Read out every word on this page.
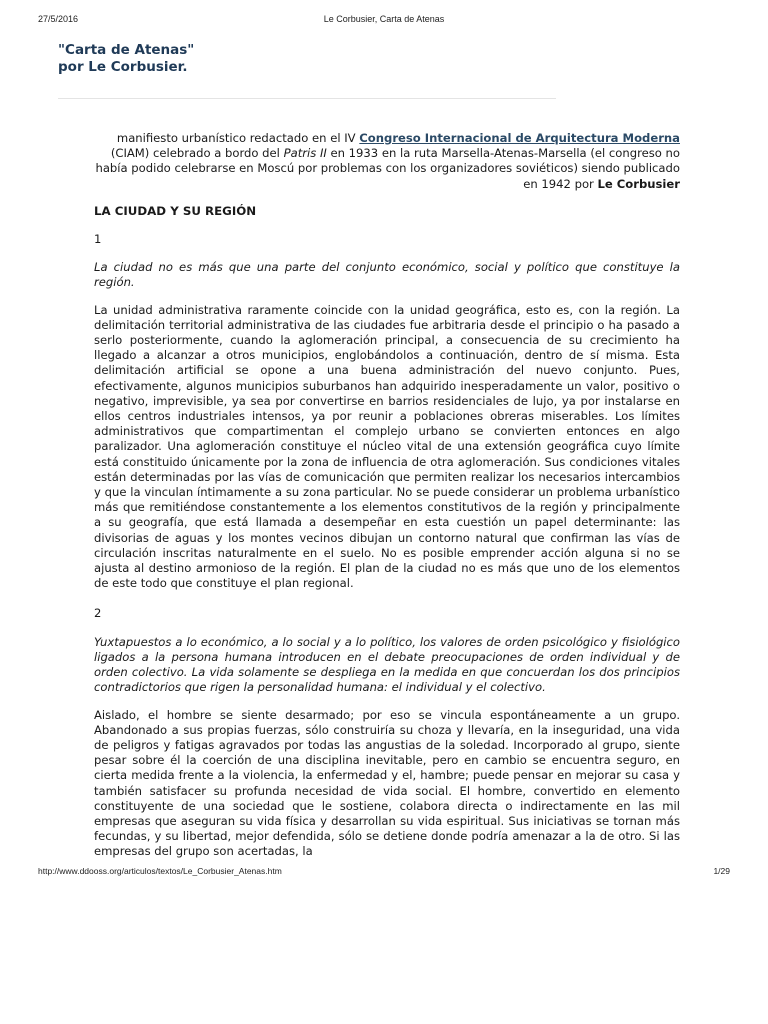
27/5/2016	Le Corbusier, Carta de Atenas
"Carta de Atenas"
por Le Corbusier.

manifiesto urbanístico redactado en el IV Congreso Internacional de Arquitectura Moderna (CIAM) celebrado a bordo del Patris II en 1933 en la ruta Marsella-Atenas-Marsella (el congreso no había podido celebrarse en Moscú por problemas con los organizadores soviéticos) siendo publicado en 1942 por Le Corbusier

LA CIUDAD Y SU REGIÓN
1

La ciudad no es más que una parte del conjunto económico, social y político que constituye la región.

La unidad administrativa raramente coincide con la unidad geográfica, esto es, con la región. La delimitación territorial administrativa de las ciudades fue arbitraria desde el principio o ha pasado a serlo posteriormente, cuando la aglomeración principal, a consecuencia de su crecimiento ha llegado a alcanzar a otros municipios, englobándolos a continuación, dentro de sí misma. Esta delimitación artificial se opone a una buena administración del nuevo conjunto. Pues, efectivamente, algunos municipios suburbanos han adquirido inesperadamente un valor, positivo o negativo, imprevisible, ya sea por convertirse en barrios residenciales de lujo, ya por instalarse en ellos centros industriales intensos, ya por reunir a poblaciones obreras miserables. Los límites administrativos que compartimentan el complejo urbano se convierten entonces en algo paralizador. Una aglomeración constituye el núcleo vital de una extensión geográfica cuyo límite está constituido únicamente por la zona de influencia de otra aglomeración. Sus condiciones vitales están determinadas por las vías de comunicación que permiten realizar los necesarios intercambios y que la vinculan íntimamente a su zona particular. No se puede considerar un problema urbanístico más que remitiéndose constantemente a los elementos constitutivos de la región y principalmente a su geografía, que está llamada a desempeñar en esta cuestión un papel determinante: las divisorias de aguas y los montes vecinos dibujan un contorno natural que confirman las vías de circulación inscritas naturalmente en el suelo. No es posible emprender acción alguna si no se ajusta al destino armonioso de la región. El plan de la ciudad no es más que uno de los elementos de este todo que constituye el plan regional.

2

Yuxtapuestos a lo económico, a lo social y a lo político, los valores de orden psicológico y fisiológico ligados a la persona humana introducen en el debate preocupaciones de orden individual y de orden colectivo. La vida solamente se despliega en la medida en que concuerdan los dos principios contradictorios que rigen la personalidad humana: el individual y el colectivo.

Aislado, el hombre se siente desarmado; por eso se vincula espontáneamente a un grupo. Abandonado a sus propias fuerzas, sólo construiría su choza y llevaría, en la inseguridad, una vida de peligros y fatigas agravados por todas las angustias de la soledad. Incorporado al grupo, siente pesar sobre él la coerción de una disciplina inevitable, pero en cambio se encuentra seguro, en cierta medida frente a la violencia, la enfermedad y el, hambre; puede pensar en mejorar su casa y también satisfacer su profunda necesidad de vida social. El hombre, convertido en elemento constituyente de una sociedad que le sostiene, colabora directa o indirectamente en las mil empresas que aseguran su vida física y desarrollan su vida espiritual. Sus iniciativas se tornan más fecundas, y su libertad, mejor defendida, sólo se detiene donde podría amenazar a la de otro. Si las empresas del grupo son acertadas, la

http://www.ddooss.org/articulos/textos/Le_Corbusier_Atenas.htm	1/29
